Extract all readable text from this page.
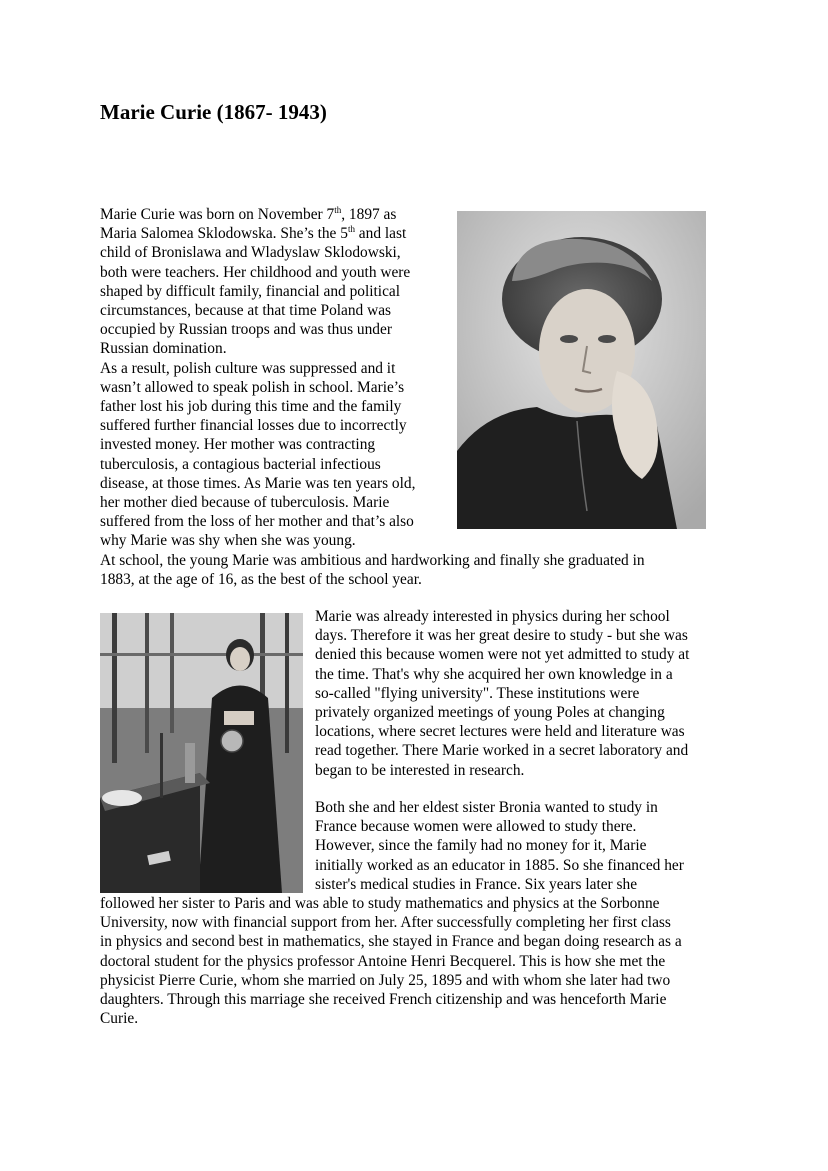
Marie Curie (1867- 1943)
Marie Curie was born on November 7th, 1897 as
Maria Salomea Sklodowska. She’s the 5th and last
child of Bronislawa and Wladyslaw Sklodowski,
both were teachers. Her childhood and youth were
shaped by difficult family, financial and political
circumstances, because at that time Poland was
occupied by Russian troops and was thus under
Russian domination.
As a result, polish culture was suppressed and it
wasn’t allowed to speak polish in school. Marie’s
father lost his job during this time and the family
suffered further financial losses due to incorrectly
invested money. Her mother was contracting
tuberculosis, a contagious bacterial infectious
disease, at those times. As Marie was ten years old,
her mother died because of tuberculosis. Marie
suffered from the loss of her mother and that’s also
why Marie was shy when she was young.
At school, the young Marie was ambitious and hardworking and finally she graduated in
1883, at the age of 16, as the best of the school year.
Marie was already interested in physics during her school
days. Therefore it was her great desire to study - but she was
denied this because women were not yet admitted to study at
the time. That's why she acquired her own knowledge in a
so-called "flying university". These institutions were
privately organized meetings of young Poles at changing
locations, where secret lectures were held and literature was
read together. There Marie worked in a secret laboratory and
began to be interested in research.
Both she and her eldest sister Bronia wanted to study in
France because women were allowed to study there.
However, since the family had no money for it, Marie
initially worked as an educator in 1885. So she financed her
sister's medical studies in France. Six years later she
followed her sister to Paris and was able to study mathematics and physics at the Sorbonne
University, now with financial support from her. After successfully completing her first class
in physics and second best in mathematics, she stayed in France and began doing research as a
doctoral student for the physics professor Antoine Henri Becquerel. This is how she met the
physicist Pierre Curie, whom she married on July 25, 1895 and with whom she later had two
daughters. Through this marriage she received French citizenship and was henceforth Marie
Curie.
